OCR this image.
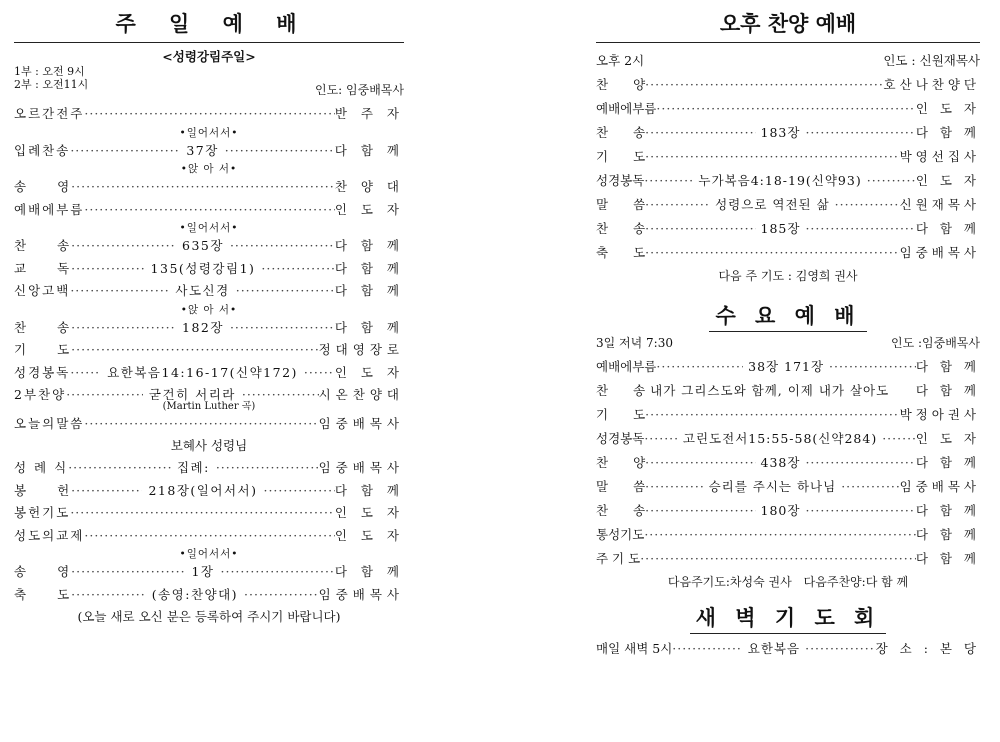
주 일 예 배
<성령강림주일>
1부 : 오전 9시
2부 : 오전11시	인도: 임중배목사
오르간전주 ·····	반 주 자
•일어서서•
입례찬송 ·····	37장 ·····	다 함 께
•앉 아 서•
송　　영 ·····	찬 양 대
예배에부름 ·····	인 도 자
•일어서서•
찬　　송 ·····	635장 ·····	다 함 께
교　　독 ·····	135(성령강림1) ·····	다 함 께
신앙고백 ·····	사도신경 ·····	다 함 께
•앉 아 서•
찬　　송 ·····	182장 ·····	다 함 께
기　　도 ·····	정대영장로
성경봉독 ·····	요한복음14:16-17(신약172) ·····	인 도 자
2부찬양 ·····	굳건히 서리라 ·····	시온찬양대
(Martin Luther 곡)
오늘의말씀 ·····	임중배목사
보혜사 성령님
성 례 식 ·····	집례: ·····	임중배목사
봉　　헌 ·····	218장(일어서서) ·····	다 함 께
봉헌기도 ·····	인 도 자
성도의교제 ·····	인 도 자
•일어서서•
송　　영 ·····	1장 ·····	다 함 께
축　　도 ·····	(송영:찬양대) ·····	임중배목사
(오늘 새로 오신 분은 등록하여 주시기 바랍니다)
오후 찬양 예배
오후 2시	인도 : 신원재목사
찬　　양 ·····	호산나찬양단
예배에부름 ·····	인 도 자
찬　　송 ·····	183장 ·····	다 함 께
기　　도 ·····	박영선집사
성경봉독 ·····	누가복음4:18-19(신약93) ·····	인 도 자
말　　씀 ·····	성령으로 역전된 삶 ·····	신원재목사
찬　　송 ·····	185장 ·····	다 함 께
축　　도 ·····	임중배목사
다음 주 기도 : 김영희 권사
수 요 예 배
3일 저녁 7:30	인도 :임중배목사
예배에부름 ·····	38장 171장 ·····	다 함 께
찬　　송 내가 그리스도와 함께, 이제 내가 살아도	다 함 께
기　　도 ·····	박정아권사
성경봉독 ·····	고린도전서15:55-58(신약284) ·····	인 도 자
찬　　양 ·····	438장 ·····	다 함 께
말　　씀 ·····	승리를 주시는 하나님 ·····	임중배목사
찬　　송 ·····	180장 ·····	다 함 께
통성기도 ·····	다 함 께
주 기 도 ·····	다 함 께
다음주기도:차성숙 권사　다음주찬양:다 함 께
새 벽 기 도 회
매일 새벽 5시 ·····	요한복음 ·····	장 소 : 본 당
